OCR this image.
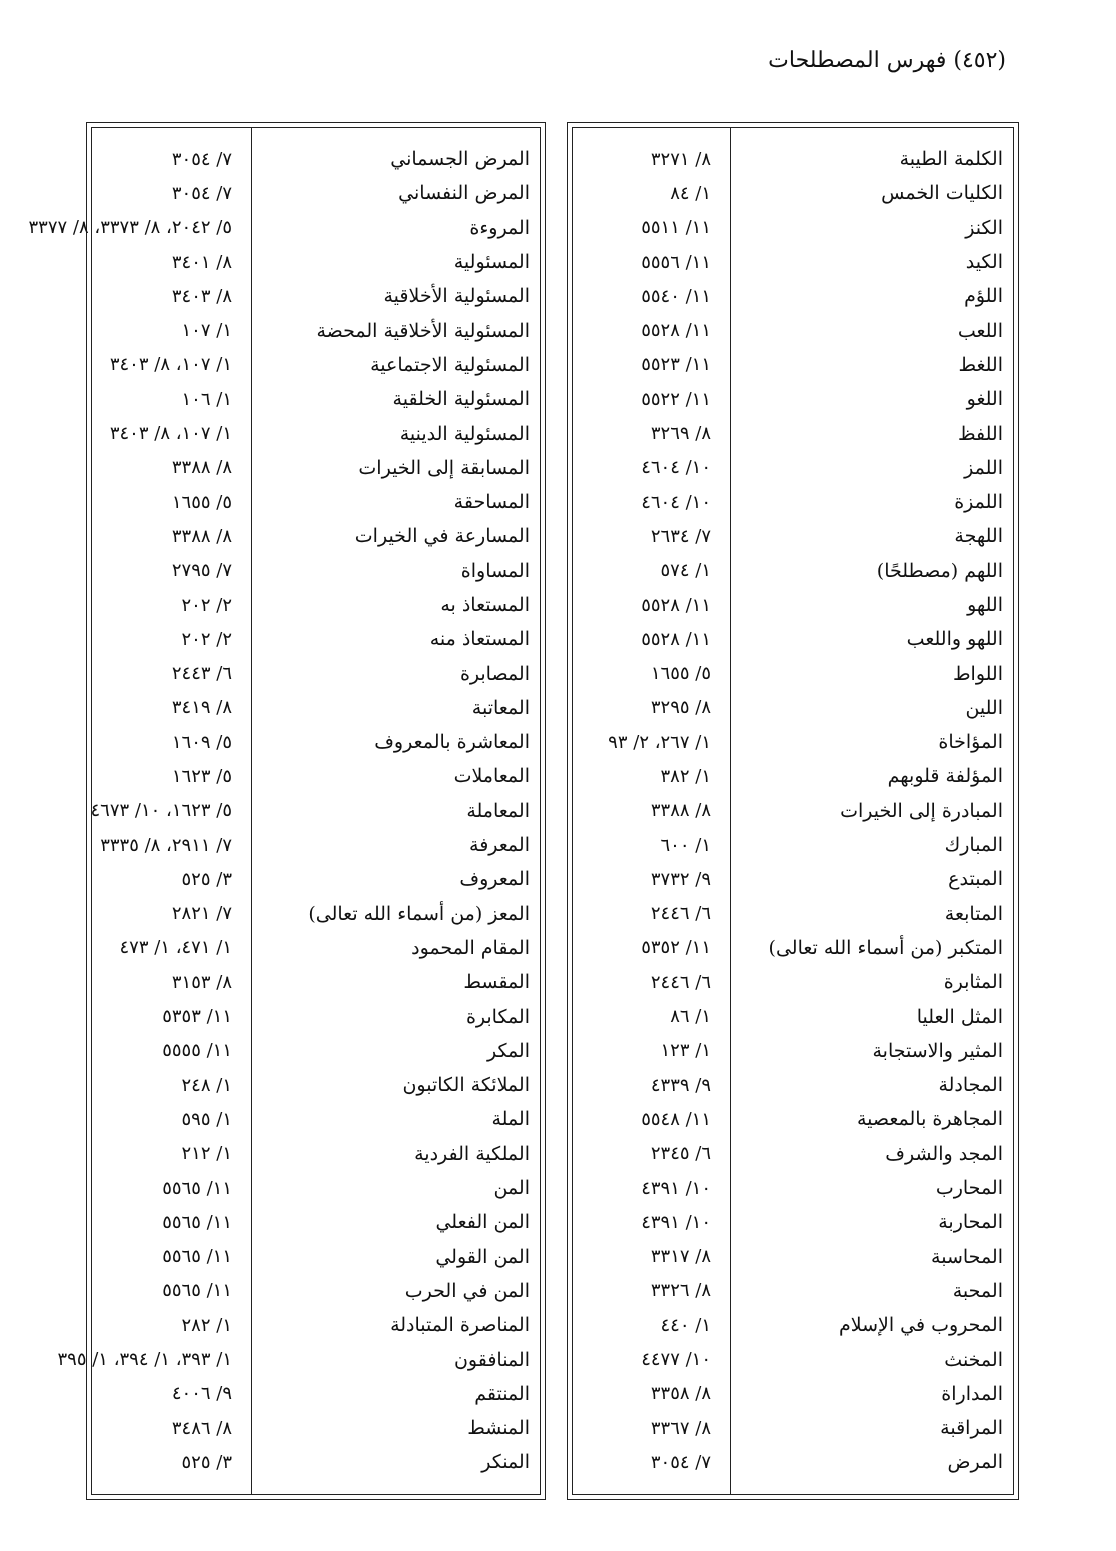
(٤٥٢) فهرس المصطلحات
الكلمة الطيبة
٨/ ٣٢٧١
الكليات الخمس
١/ ٨٤
الكنز
١١/ ٥٥١١
الكيد
١١/ ٥٥٥٦
اللؤم
١١/ ٥٥٤٠
اللعب
١١/ ٥٥٢٨
اللغط
١١/ ٥٥٢٣
اللغو
١١/ ٥٥٢٢
اللفظ
٨/ ٣٢٦٩
اللمز
١٠/ ٤٦٠٤
اللمزة
١٠/ ٤٦٠٤
اللهجة
٧/ ٢٦٣٤
اللهم (مصطلحًا)
١/ ٥٧٤
اللهو
١١/ ٥٥٢٨
اللهو واللعب
١١/ ٥٥٢٨
اللواط
٥/ ١٦٥٥
اللين
٨/ ٣٢٩٥
المؤاخاة
١/ ٢٦٧، ٢/ ٩٣
المؤلفة قلوبهم
١/ ٣٨٢
المبادرة إلى الخيرات
٨/ ٣٣٨٨
المبارك
١/ ٦٠٠
المبتدع
٩/ ٣٧٣٢
المتابعة
٦/ ٢٤٤٦
المتكبر (من أسماء الله تعالى)
١١/ ٥٣٥٢
المثابرة
٦/ ٢٤٤٦
المثل العليا
١/ ٨٦
المثير والاستجابة
١/ ١٢٣
المجادلة
٩/ ٤٣٣٩
المجاهرة بالمعصية
١١/ ٥٥٤٨
المجد والشرف
٦/ ٢٣٤٥
المحارب
١٠/ ٤٣٩١
المحاربة
١٠/ ٤٣٩١
المحاسبة
٨/ ٣٣١٧
المحبة
٨/ ٣٣٢٦
المحروب في الإسلام
١/ ٤٤٠
المخنث
١٠/ ٤٤٧٧
المداراة
٨/ ٣٣٥٨
المراقبة
٨/ ٣٣٦٧
المرض
٧/ ٣٠٥٤
المرض الجسماني
٧/ ٣٠٥٤
المرض النفساني
٧/ ٣٠٥٤
المروءة
٥/ ٢٠٤٢، ٨/ ٣٣٧٣، ٨/ ٣٣٧٧
المسئولية
٨/ ٣٤٠١
المسئولية الأخلاقية
٨/ ٣٤٠٣
المسئولية الأخلاقية المحضة
١/ ١٠٧
المسئولية الاجتماعية
١/ ١٠٧، ٨/ ٣٤٠٣
المسئولية الخلقية
١/ ١٠٦
المسئولية الدينية
١/ ١٠٧، ٨/ ٣٤٠٣
المسابقة إلى الخيرات
٨/ ٣٣٨٨
المساحقة
٥/ ١٦٥٥
المسارعة في الخيرات
٨/ ٣٣٨٨
المساواة
٧/ ٢٧٩٥
المستعاذ به
٢/ ٢٠٢
المستعاذ منه
٢/ ٢٠٢
المصابرة
٦/ ٢٤٤٣
المعاتبة
٨/ ٣٤١٩
المعاشرة بالمعروف
٥/ ١٦٠٩
المعاملات
٥/ ١٦٢٣
المعاملة
٥/ ١٦٢٣، ١٠/ ٤٦٧٣
المعرفة
٧/ ٢٩١١، ٨/ ٣٣٣٥
المعروف
٣/ ٥٢٥
المعز (من أسماء الله تعالى)
٧/ ٢٨٢١
المقام المحمود
١/ ٤٧١، ١/ ٤٧٣
المقسط
٨/ ٣١٥٣
المكابرة
١١/ ٥٣٥٣
المكر
١١/ ٥٥٥٥
الملائكة الكاتبون
١/ ٢٤٨
الملة
١/ ٥٩٥
الملكية الفردية
١/ ٢١٢
المن
١١/ ٥٥٦٥
المن الفعلي
١١/ ٥٥٦٥
المن القولي
١١/ ٥٥٦٥
المن في الحرب
١١/ ٥٥٦٥
المناصرة المتبادلة
١/ ٢٨٢
المنافقون
١/ ٣٩٣، ١/ ٣٩٤، ١/ ٣٩٥
المنتقم
٩/ ٤٠٠٦
المنشط
٨/ ٣٤٨٦
المنكر
٣/ ٥٢٥
